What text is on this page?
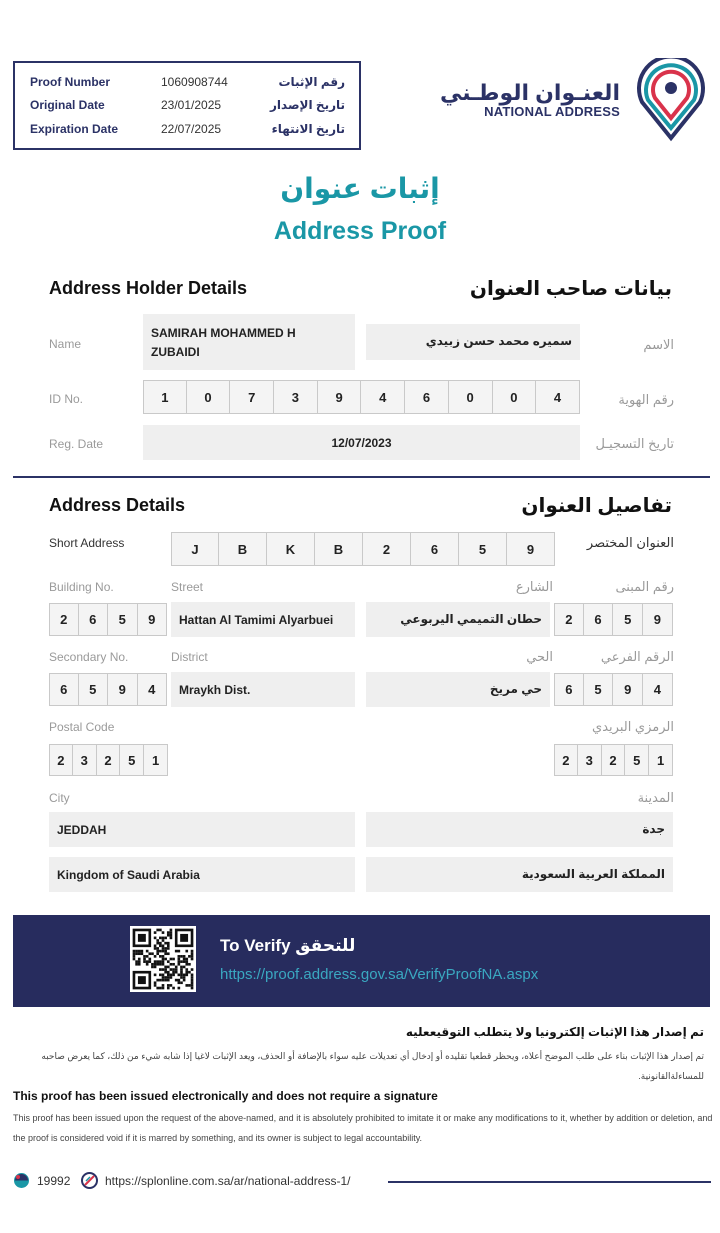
Proof Number	1060908744	رقم الإثبات
Original Date	23/01/2025	تاريخ الإصدار
Expiration Date	22/07/2025	تاريخ الانتهاء
العنـوان الوطـني
NATIONAL ADDRESS
إثبات عنوان
Address Proof
Address Holder Details	بيانات صاحب العنوان
Name
SAMIRAH MOHAMMED H
ZUBAIDI
سميره محمد حسن زبيدي	الاسم
ID No.	1	0	7	3	9	4	6	0	0	4	رقم الهوية
Reg. Date	12/07/2023	تاريخ التسجيـل
Address Details	تفاصيل العنوان
Short Address	J	B	K	B	2	6	5	9	العنوان المختصر
Building No.	Street	الشارع	رقم المبنى
2	6	5	9	Hattan Al Tamimi Alyarbuei	حطان التميمي اليربوعي	2	6	5	9
Secondary No.	District	الحي	الرقم الفرعي
6	5	9	4	Mraykh Dist.	حي مريخ	6	5	9	4
Postal Code	الرمزي البريدي
2	3	2	5	1	2	3	2	5	1
City	المدينة
JEDDAH	جدة
Kingdom of Saudi Arabia	المملكة العربية السعودية
To Verify للتحقق
https://proof.address.gov.sa/VerifyProofNA.aspx
تم إصدار هذا الإثبات إلكترونيا ولا يتطلب التوقيععليه
تم إصدار هذا الإثبات بناء على طلب الموضح أعلاه، ويحظر قطعيا تقليده أو إدخال أي تعديلات عليه سواء بالإضافة أو الحذف، ويعد الإثبات لاغيا إذا شابه شيء من ذلك، كما يعرض صاحبه للمساءلةالقانونية.
This proof has been issued electronically and does not require a signature
This proof has been issued upon the request of the above-named, and it is absolutely prohibited to imitate it or make any modifications to it, whether by addition or deletion, and the proof is considered void if it is marred by something, and its owner is subject to legal accountability.
19992	https://splonline.com.sa/ar/national-address-1/
